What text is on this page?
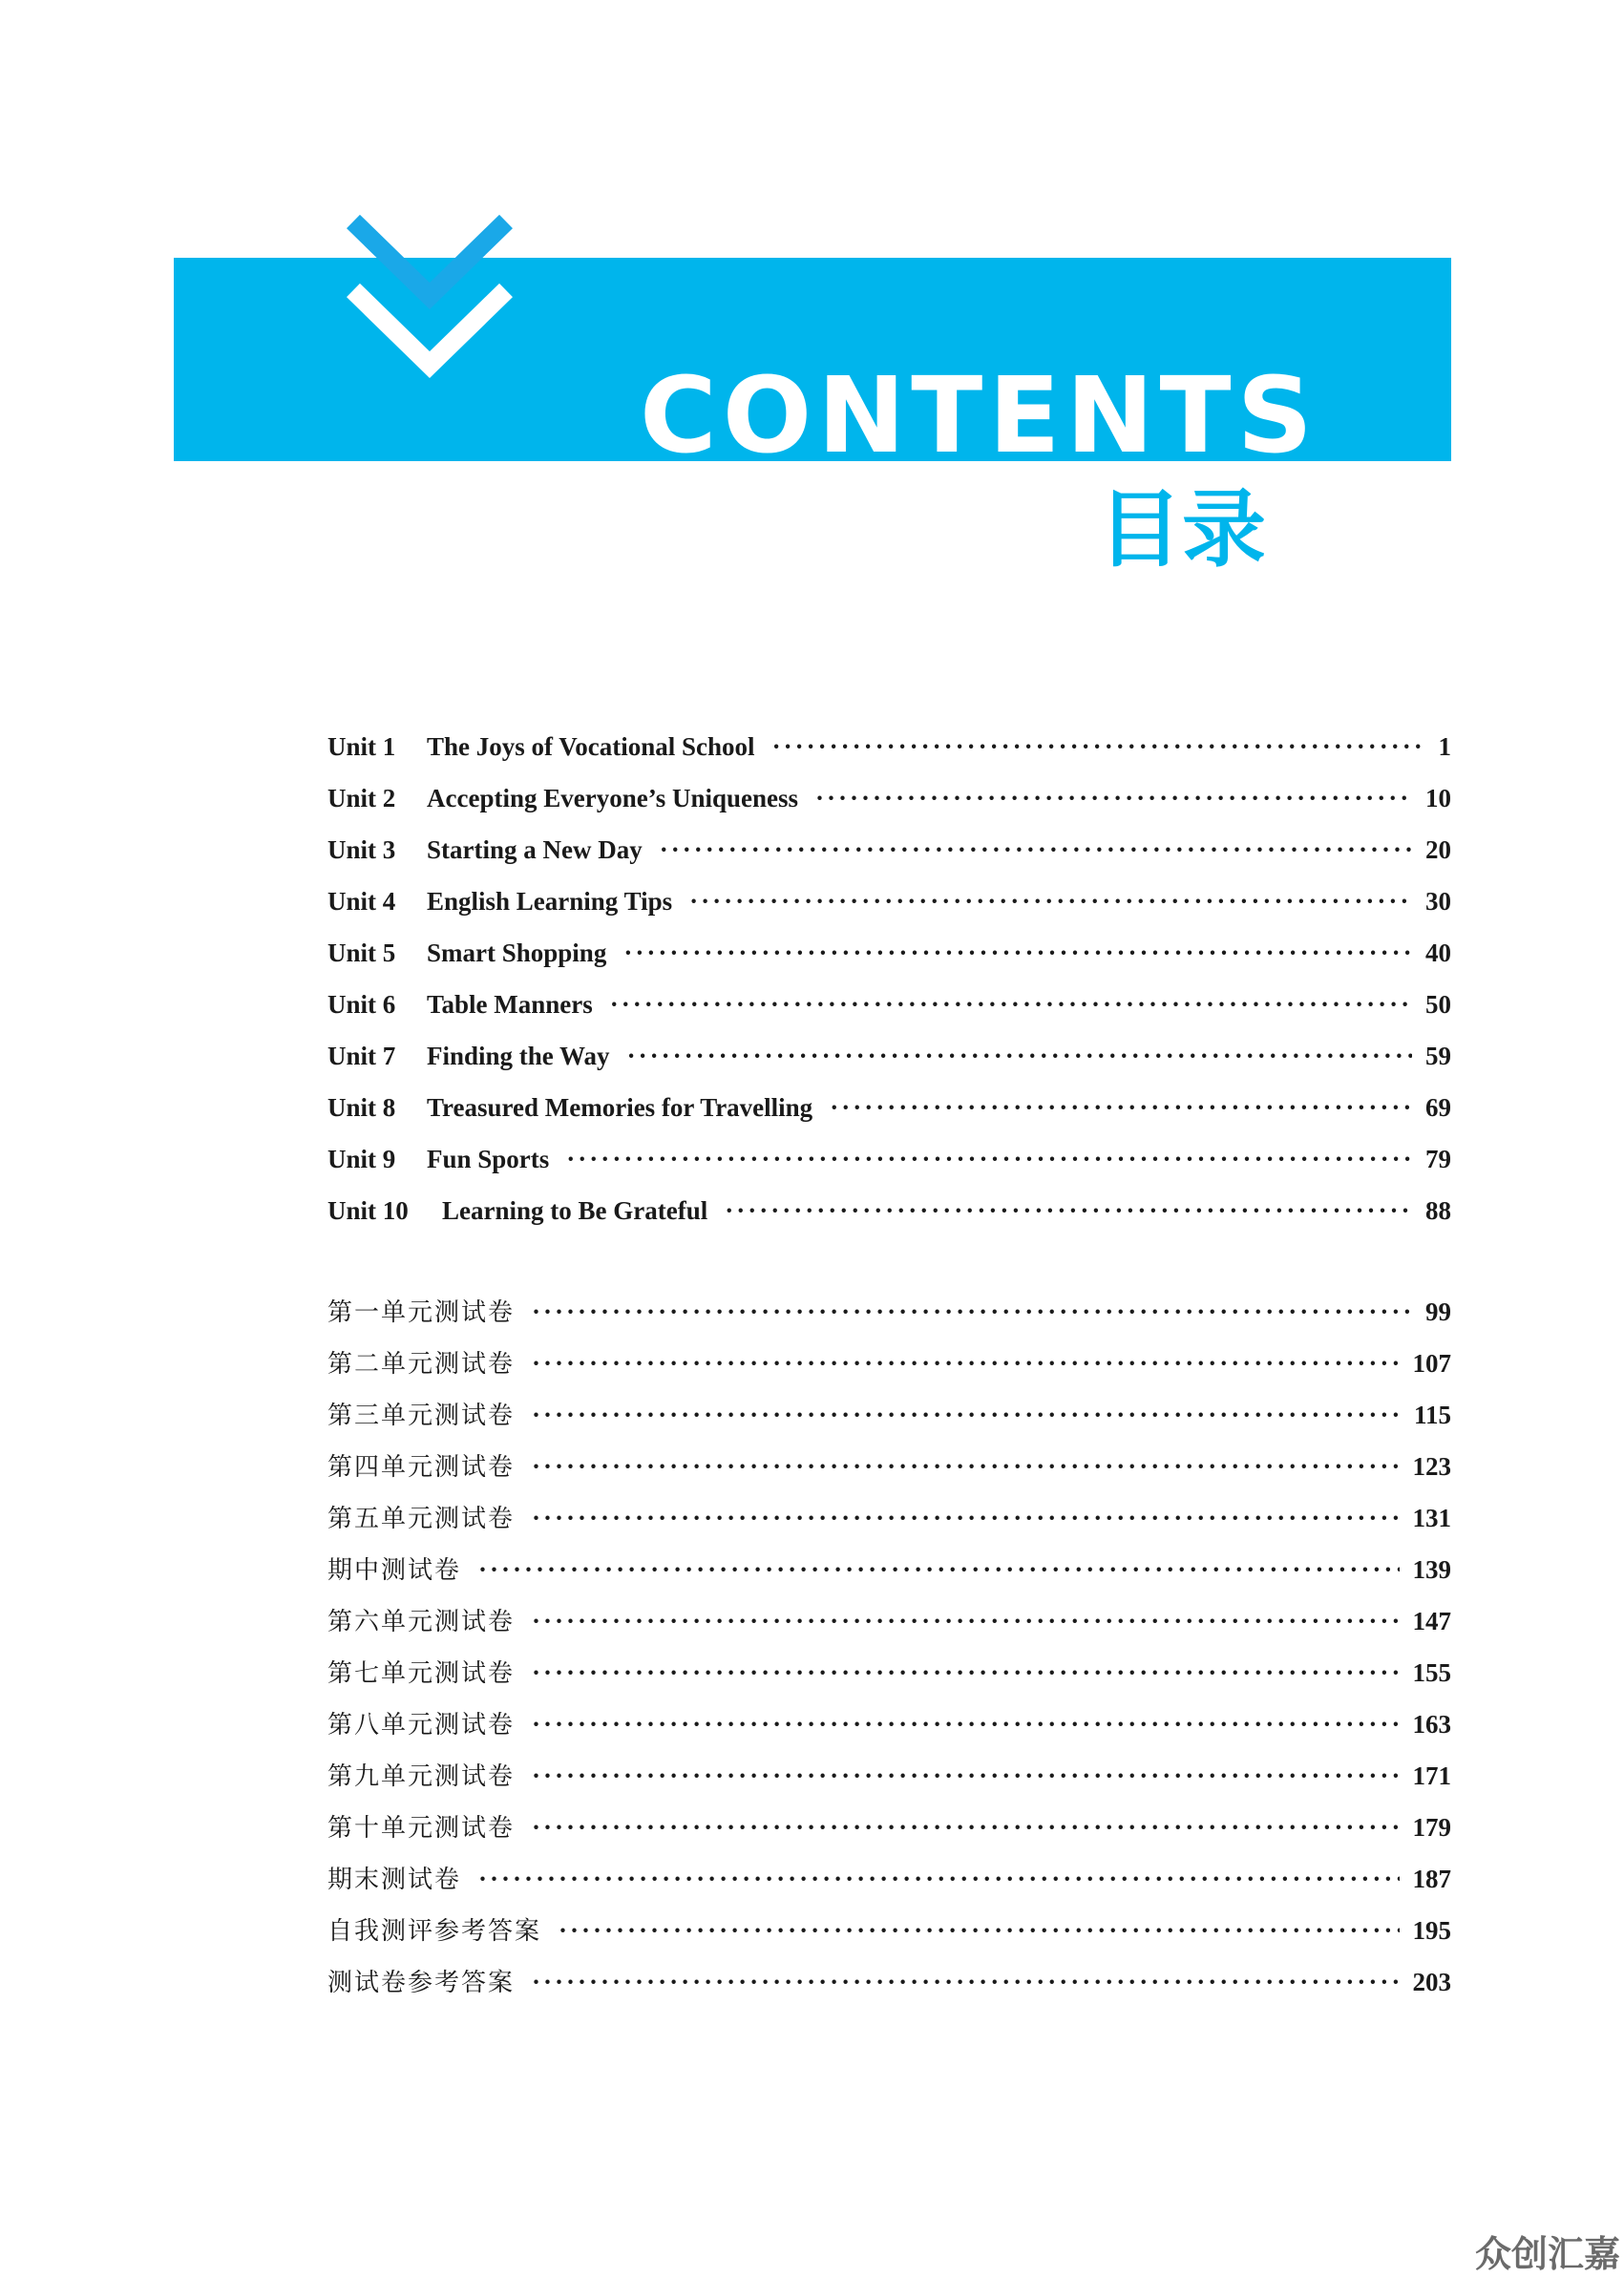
CONTENTS
目录
Unit 1 The Joys of Vocational School ·····	1
Unit 2 Accepting Everyone’s Uniqueness ·····	10
Unit 3 Starting a New Day ·····	20
Unit 4 English Learning Tips ·····	30
Unit 5 Smart Shopping ·····	40
Unit 6 Table Manners ·····	50
Unit 7 Finding the Way ·····	59
Unit 8 Treasured Memories for Travelling ·····	69
Unit 9 Fun Sports ·····	79
Unit 10 Learning to Be Grateful ·····	88
第一单元测试卷 ·····	99
第二单元测试卷 ·····	107
第三单元测试卷 ·····	115
第四单元测试卷 ·····	123
第五单元测试卷 ·····	131
期中测试卷 ·····	139
第六单元测试卷 ·····	147
第七单元测试卷 ·····	155
第八单元测试卷 ·····	163
第九单元测试卷 ·····	171
第十单元测试卷 ·····	179
期末测试卷 ·····	187
自我测评参考答案 ·····	195
测试卷参考答案 ·····	203
众创汇嘉
